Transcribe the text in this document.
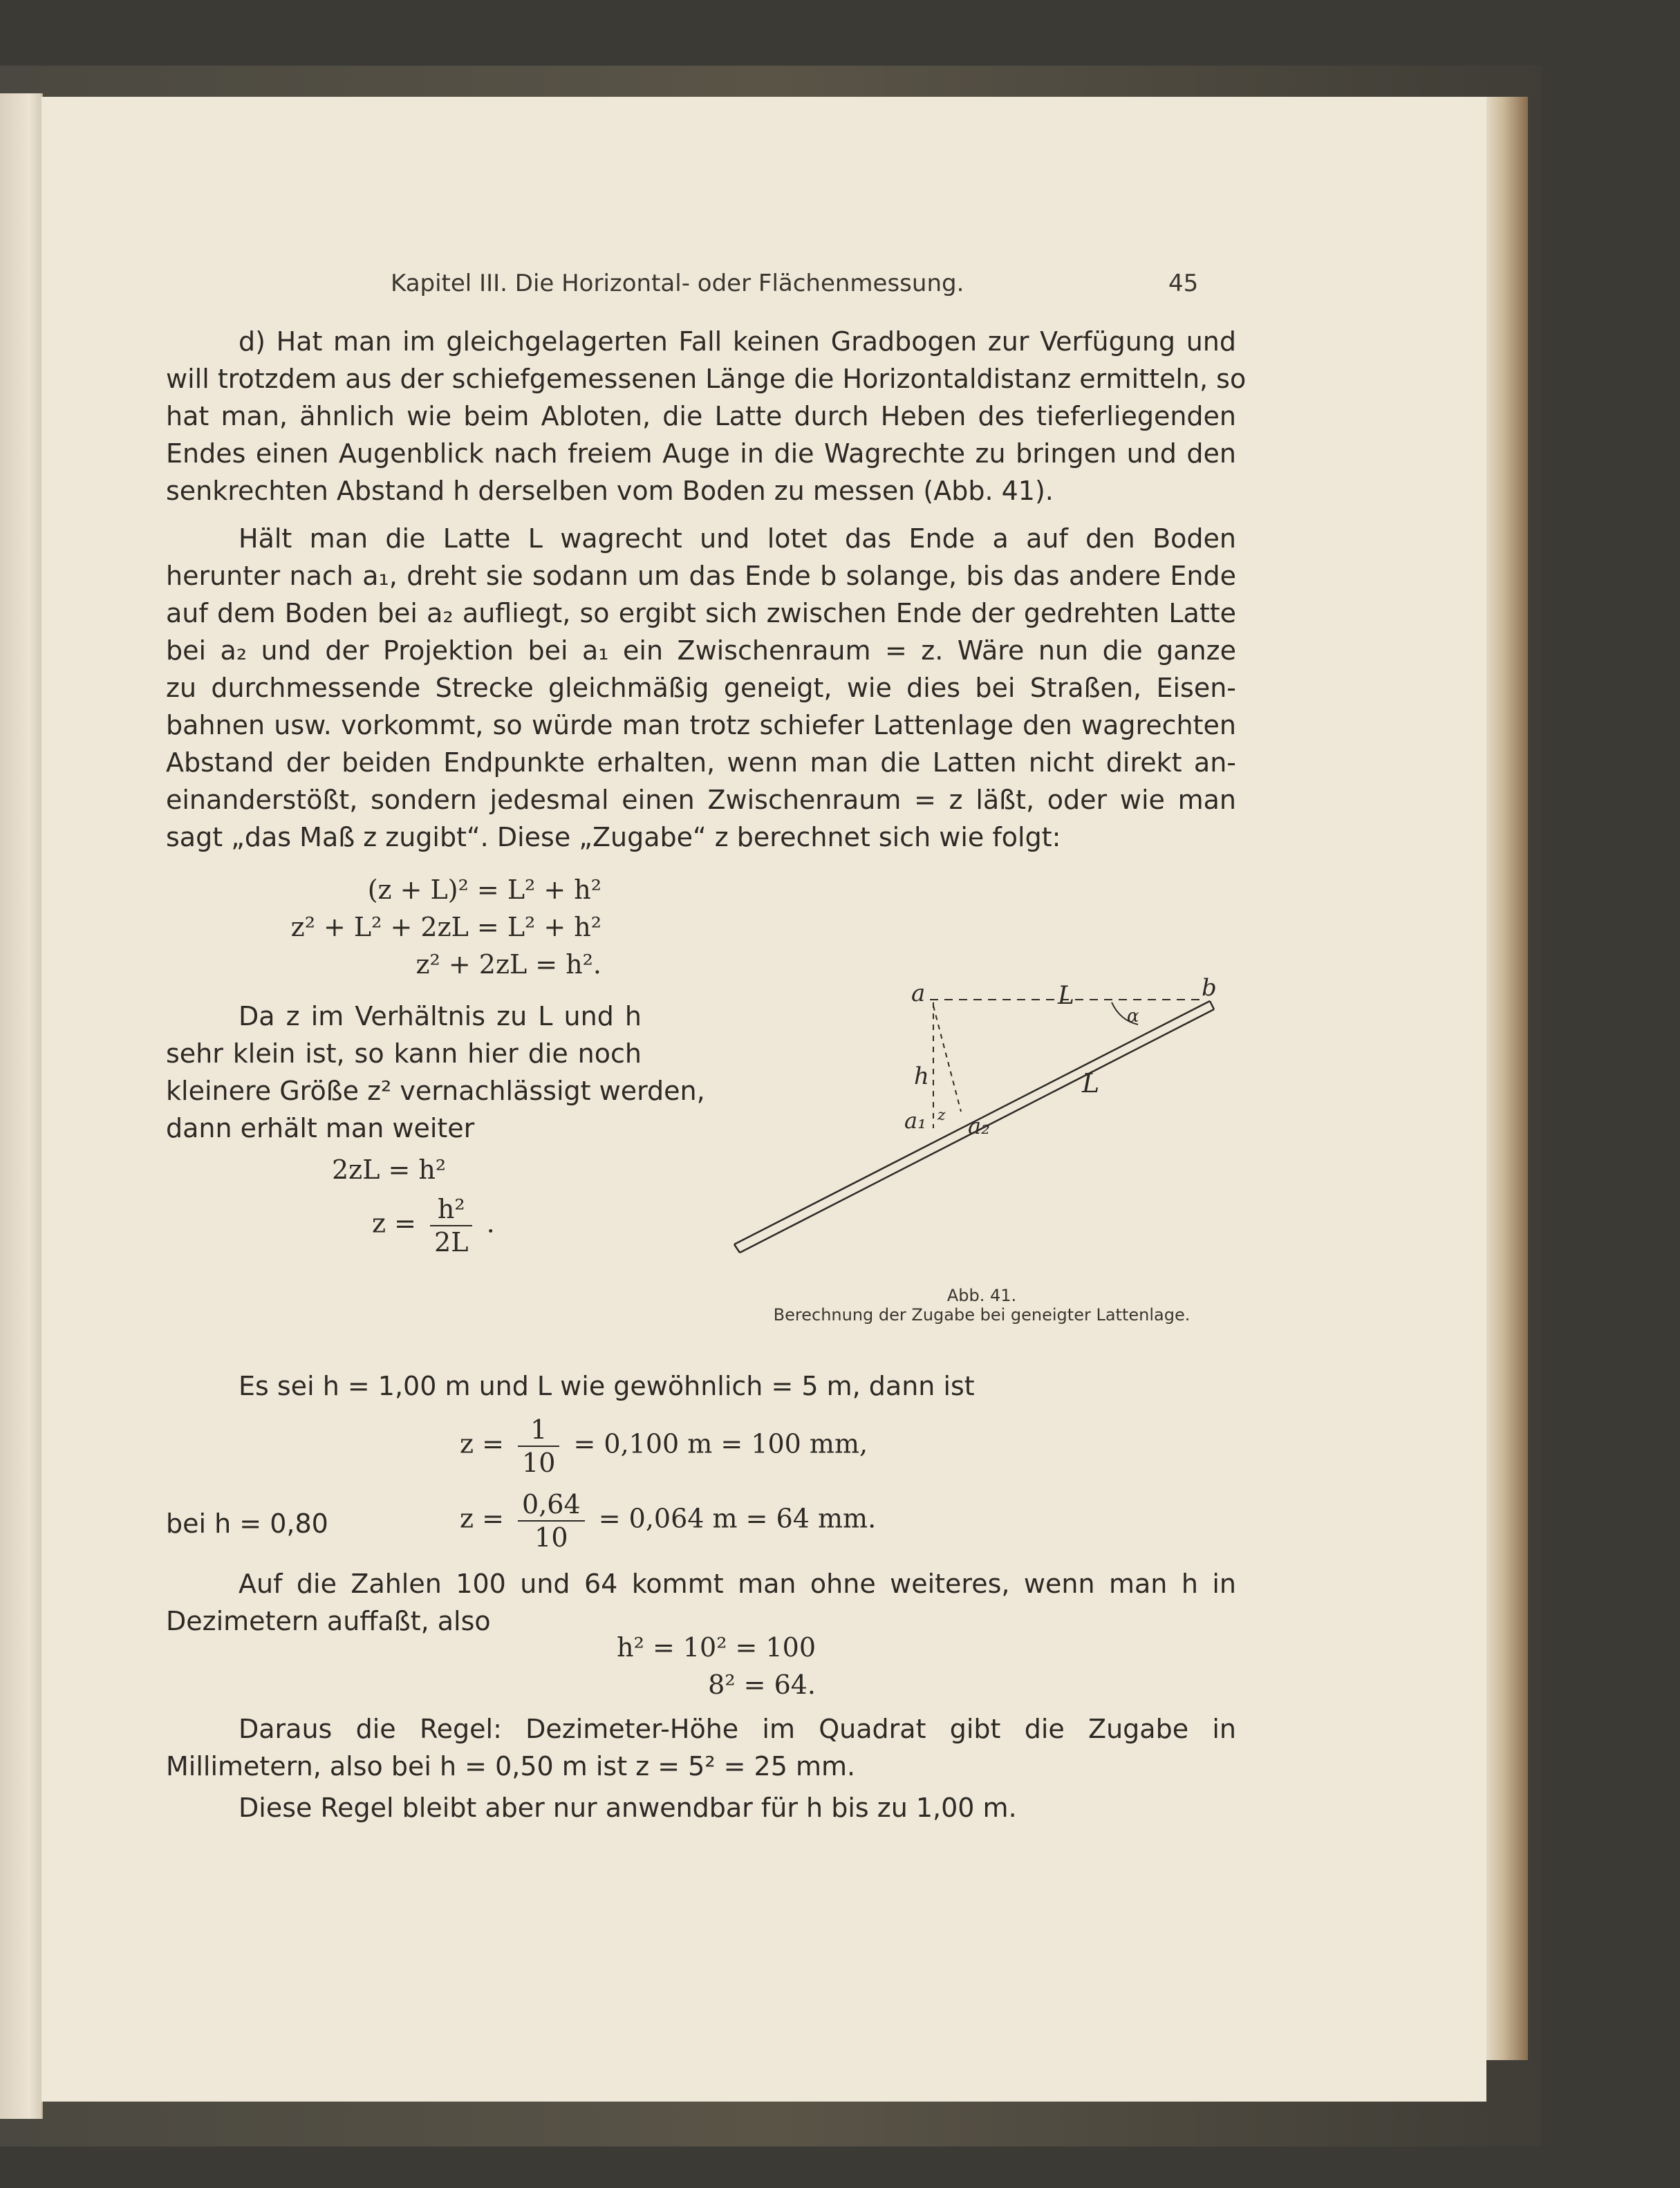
Kapitel III. Die Horizontal- oder Flächenmessung.	45
d) Hat man im gleichgelagerten Fall keinen Gradbogen zur Verfügung und
will trotzdem aus der schiefgemessenen Länge die Horizontaldistanz ermitteln, so
hat man, ähnlich wie beim Abloten, die Latte durch Heben des tieferliegenden
Endes einen Augenblick nach freiem Auge in die Wagrechte zu bringen und den
senkrechten Abstand h derselben vom Boden zu messen (Abb. 41).
Hält man die Latte L wagrecht und lotet das Ende a auf den Boden
herunter nach a₁, dreht sie sodann um das Ende b solange, bis das andere Ende
auf dem Boden bei a₂ aufliegt, so ergibt sich zwischen Ende der gedrehten Latte
bei a₂ und der Projektion bei a₁ ein Zwischenraum = z. Wäre nun die ganze
zu durchmessende Strecke gleichmäßig geneigt, wie dies bei Straßen, Eisen-
bahnen usw. vorkommt, so würde man trotz schiefer Lattenlage den wagrechten
Abstand der beiden Endpunkte erhalten, wenn man die Latten nicht direkt an-
einanderstößt, sondern jedesmal einen Zwischenraum = z läßt, oder wie man
sagt „das Maß z zugibt“. Diese „Zugabe“ z berechnet sich wie folgt:
(z + L)² = L² + h²
z² + L² + 2zL = L² + h²
z² + 2zL = h².
Da z im Verhältnis zu L und h
sehr klein ist, so kann hier die noch
kleinere Größe z² vernachlässigt werden,
dann erhält man weiter
2zL = h²
$z = \frac{\text{h²}}{2L}$ .
a	b
L
α
L
h
z
a₁ a₂
Abb. 41.
Berechnung der Zugabe bei geneigter Lattenlage.
Es sei h = 1,00 m und L wie gewöhnlich = 5 m, dann ist
$z = \frac{1}{10} = 0,100$ m = 100 mm,
bei h = 0,80	$z = \frac{0,64}{10} = 0,064$ m = 64 mm.
Auf die Zahlen 100 und 64 kommt man ohne weiteres, wenn man h in
Dezimetern auffaßt, also
h² = 10² = 100
8² = 64.
Daraus die Regel: Dezimeter-Höhe im Quadrat gibt die Zugabe in
Millimetern, also bei h = 0,50 m ist z = 5² = 25 mm.
Diese Regel bleibt aber nur anwendbar für h bis zu 1,00 m.
